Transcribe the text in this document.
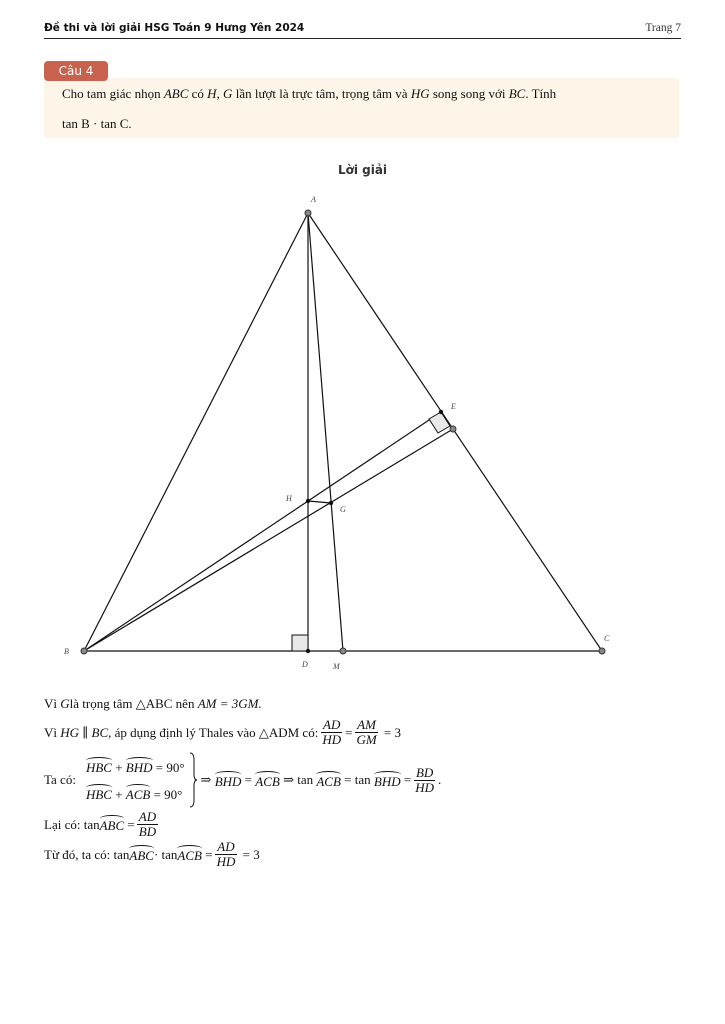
Đề thi và lời giải HSG Toán 9 Hưng Yên 2024	Trang 7
Câu 4
Cho tam giác nhọn ABC có H, G lần lượt là trực tâm, trọng tâm và HG song song với BC. Tính
tan B · tan C.
Lời giải
A
B
C
D
E
G
H
M
Vì
G là trọng tâm △ABC nên
AM = 3GM.
Vì
HG ∥ BC , áp dụng định lý Thales vào △ADM có: $\frac{AD}{HD} = \frac{AM}{GM}$
= 3
Ta có:
HBC + BHD = 90°
HBC + ACB = 90°
⇒
BHD = ACB
⇒
tan
ACB = tan
BHD = $\frac{BD}{HD}$ .
Lại có: tan ABC = $\frac{AD}{BD}$
Từ đó, ta có: tan ABC · tan ACB = $\frac{AD}{HD}$
= 3
